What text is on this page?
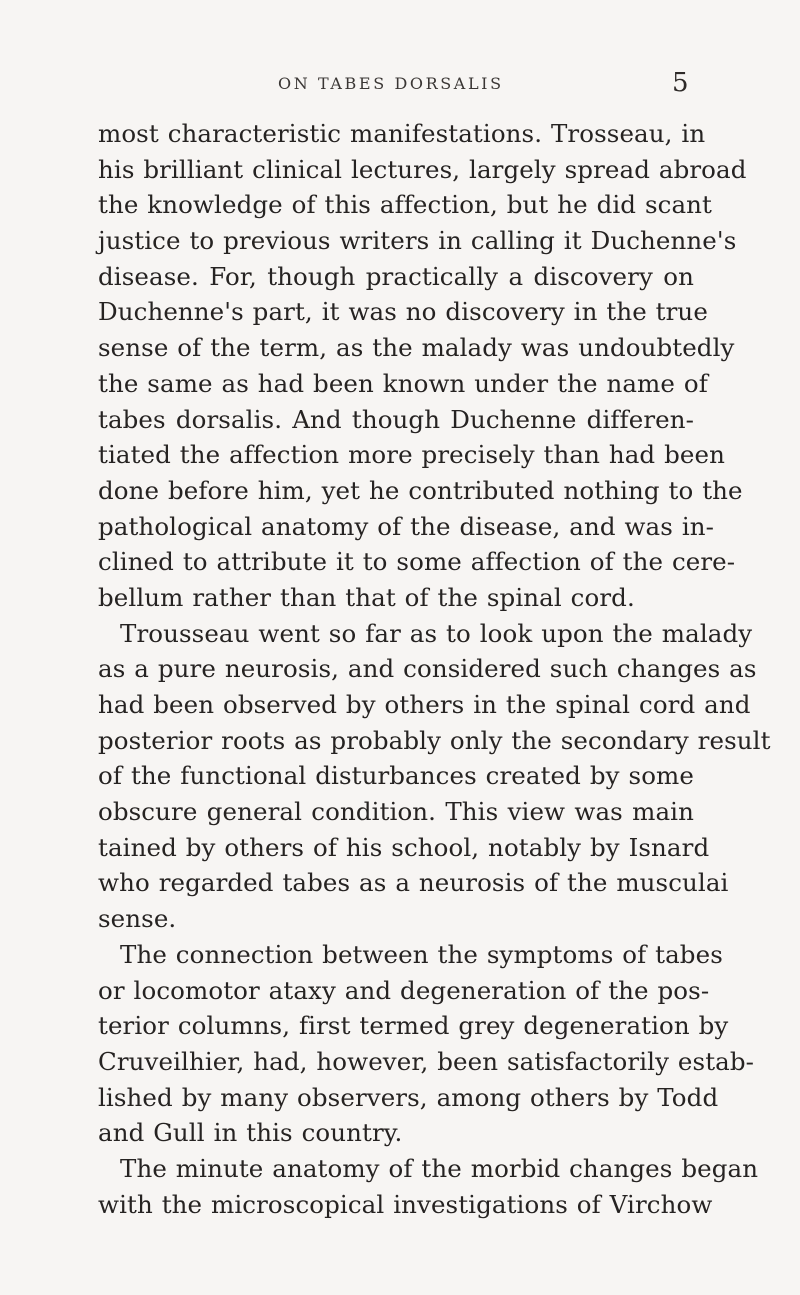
ON TABES DORSALIS	5
most characteristic manifestations. Trosseau, in
his brilliant clinical lectures, largely spread abroad
the knowledge of this affection, but he did scant
justice to previous writers in calling it Duchenne's
disease. For, though practically a discovery on
Duchenne's part, it was no discovery in the true
sense of the term, as the malady was undoubtedly
the same as had been known under the name of
tabes dorsalis. And though Duchenne differen-
tiated the affection more precisely than had been
done before him, yet he contributed nothing to the
pathological anatomy of the disease, and was in-
clined to attribute it to some affection of the cere-
bellum rather than that of the spinal cord.
Trousseau went so far as to look upon the malady
as a pure neurosis, and considered such changes as
had been observed by others in the spinal cord and
posterior roots as probably only the secondary result
of the functional disturbances created by some
obscure general condition. This view was main
tained by others of his school, notably by Isnard
who regarded tabes as a neurosis of the musculai
sense.
The connection between the symptoms of tabes
or locomotor ataxy and degeneration of the pos-
terior columns, first termed grey degeneration by
Cruveilhier, had, however, been satisfactorily estab-
lished by many observers, among others by Todd
and Gull in this country.
The minute anatomy of the morbid changes began
with the microscopical investigations of Virchow
